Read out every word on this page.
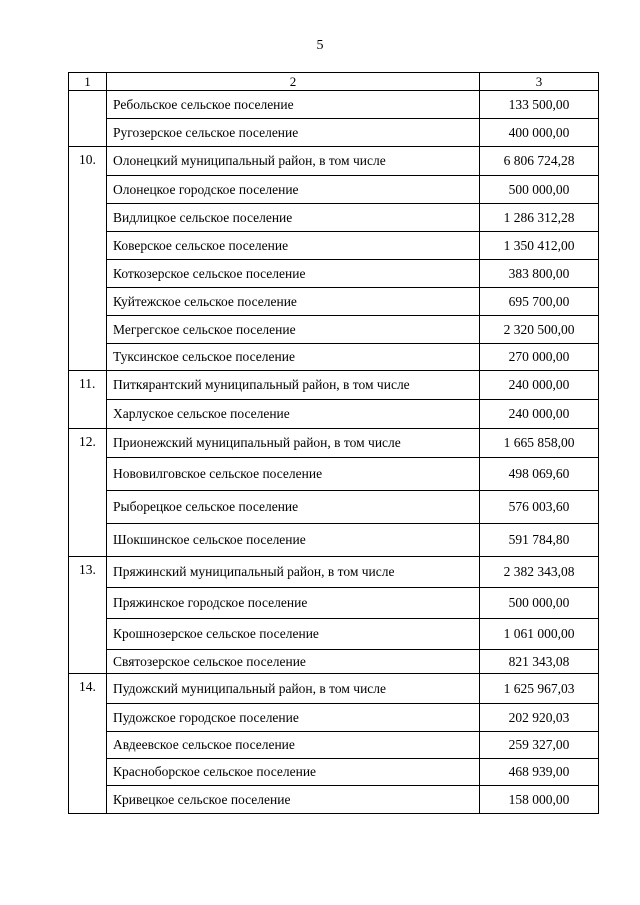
5
1	2	3
	Ребольское сельское поселение	133 500,00
	Ругозерское сельское поселение	400 000,00
10.	Олонецкий муниципальный район, в том числе	6 806 724,28
	Олонецкое городское поселение	500 000,00
	Видлицкое сельское поселение	1 286 312,28
	Коверское сельское поселение	1 350 412,00
	Коткозерское сельское поселение	383 800,00
	Куйтежское сельское поселение	695 700,00
	Мегрегское сельское поселение	2 320 500,00
	Туксинское сельское поселение	270 000,00
11.	Питкярантский муниципальный район, в том числе	240 000,00
	Харлуское сельское поселение	240 000,00
12.	Прионежский муниципальный район, в том числе	1 665 858,00
	Нововилговское сельское поселение	498 069,60
	Рыборецкое сельское поселение	576 003,60
	Шокшинское сельское поселение	591 784,80
13.	Пряжинский муниципальный район, в том числе	2 382 343,08
	Пряжинское городское поселение	500 000,00
	Крошнозерское сельское поселение	1 061 000,00
	Святозерское сельское поселение	821 343,08
14.	Пудожский муниципальный район, в том числе	1 625 967,03
	Пудожское городское поселение	202 920,03
	Авдеевское сельское поселение	259 327,00
	Красноборское сельское поселение	468 939,00
	Кривецкое сельское поселение	158 000,00
